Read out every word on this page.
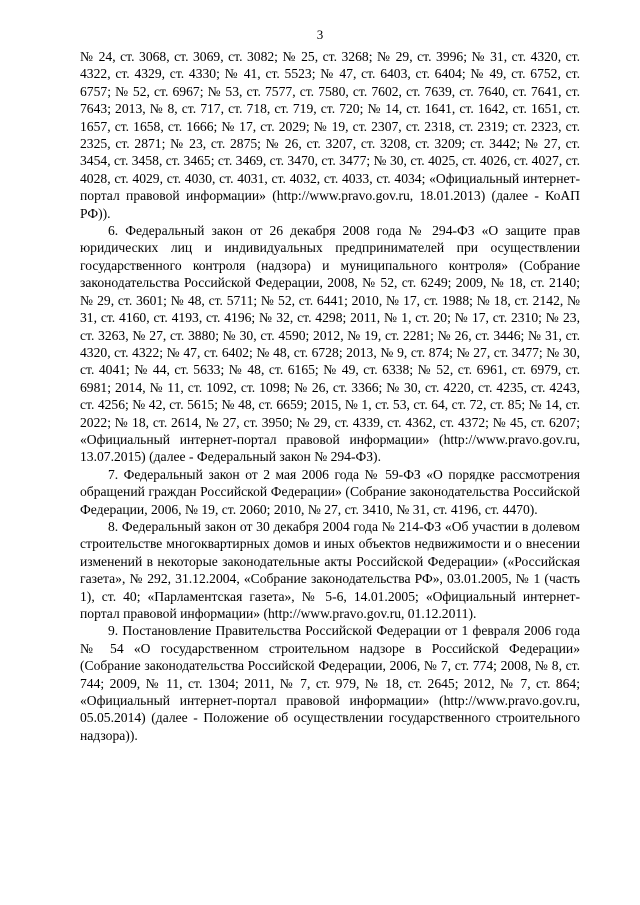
3

№ 24, ст. 3068, ст. 3069, ст. 3082; № 25, ст. 3268; № 29, ст. 3996; № 31, ст. 4320, ст. 4322, ст. 4329, ст. 4330; № 41, ст. 5523; № 47, ст. 6403, ст. 6404; № 49, ст. 6752, ст. 6757; № 52, ст. 6967; № 53, ст. 7577, ст. 7580, ст. 7602, ст. 7639, ст. 7640, ст. 7641, ст. 7643; 2013, № 8, ст. 717, ст. 718, ст. 719, ст. 720; № 14, ст. 1641, ст. 1642, ст. 1651, ст. 1657, ст. 1658, ст. 1666; № 17, ст. 2029; № 19, ст. 2307, ст. 2318, ст. 2319; ст. 2323, ст. 2325, ст. 2871; № 23, ст. 2875; № 26, ст. 3207, ст. 3208, ст. 3209; ст. 3442; № 27, ст. 3454, ст. 3458, ст. 3465; ст. 3469, ст. 3470, ст. 3477; № 30, ст. 4025, ст. 4026, ст. 4027, ст. 4028, ст. 4029, ст. 4030, ст. 4031, ст. 4032, ст. 4033, ст. 4034; «Официальный интернет-портал правовой информации» (http://www.pravo.gov.ru, 18.01.2013) (далее - КоАП РФ)).

6. Федеральный закон от 26 декабря 2008 года № 294-ФЗ «О защите прав юридических лиц и индивидуальных предпринимателей при осуществлении государственного контроля (надзора) и муниципального контроля» (Собрание законодательства Российской Федерации, 2008, № 52, ст. 6249; 2009, № 18, ст. 2140; № 29, ст. 3601; № 48, ст. 5711; № 52, ст. 6441; 2010, № 17, ст. 1988; № 18, ст. 2142, № 31, ст. 4160, ст. 4193, ст. 4196; № 32, ст. 4298; 2011, № 1, ст. 20; № 17, ст. 2310; № 23, ст. 3263, № 27, ст. 3880; № 30, ст. 4590; 2012, № 19, ст. 2281; № 26, ст. 3446; № 31, ст. 4320, ст. 4322; № 47, ст. 6402; № 48, ст. 6728; 2013, № 9, ст. 874; № 27, ст. 3477; № 30, ст. 4041; № 44, ст. 5633; № 48, ст. 6165; № 49, ст. 6338; № 52, ст. 6961, ст. 6979, ст. 6981; 2014, № 11, ст. 1092, ст. 1098; № 26, ст. 3366; № 30, ст. 4220, ст. 4235, ст. 4243, ст. 4256; № 42, ст. 5615; № 48, ст. 6659; 2015, № 1, ст. 53, ст. 64, ст. 72, ст. 85; № 14, ст. 2022; № 18, ст. 2614, № 27, ст. 3950; № 29, ст. 4339, ст. 4362, ст. 4372; № 45, ст. 6207; «Официальный интернет-портал правовой информации» (http://www.pravo.gov.ru, 13.07.2015) (далее - Федеральный закон № 294-ФЗ).

7. Федеральный закон от 2 мая 2006 года № 59-ФЗ «О порядке рассмотрения обращений граждан Российской Федерации» (Собрание законодательства Российской Федерации, 2006, № 19, ст. 2060; 2010, № 27, ст. 3410, № 31, ст. 4196, ст. 4470).

8. Федеральный закон от 30 декабря 2004 года № 214-ФЗ «Об участии в долевом строительстве многоквартирных домов и иных объектов недвижимости и о внесении изменений в некоторые законодательные акты Российской Федерации» («Российская газета», № 292, 31.12.2004, «Собрание законодательства РФ», 03.01.2005, № 1 (часть 1), ст. 40; «Парламентская газета», № 5-6, 14.01.2005; «Официальный интернет-портал правовой информации» (http://www.pravo.gov.ru, 01.12.2011).

9. Постановление Правительства Российской Федерации от 1 февраля 2006 года № 54 «О государственном строительном надзоре в Российской Федерации» (Собрание законодательства Российской Федерации, 2006, № 7, ст. 774; 2008, № 8, ст. 744; 2009, № 11, ст. 1304; 2011, № 7, ст. 979, № 18, ст. 2645; 2012, № 7, ст. 864; «Официальный интернет-портал правовой информации» (http://www.pravo.gov.ru, 05.05.2014) (далее - Положение об осуществлении государственного строительного надзора)).
